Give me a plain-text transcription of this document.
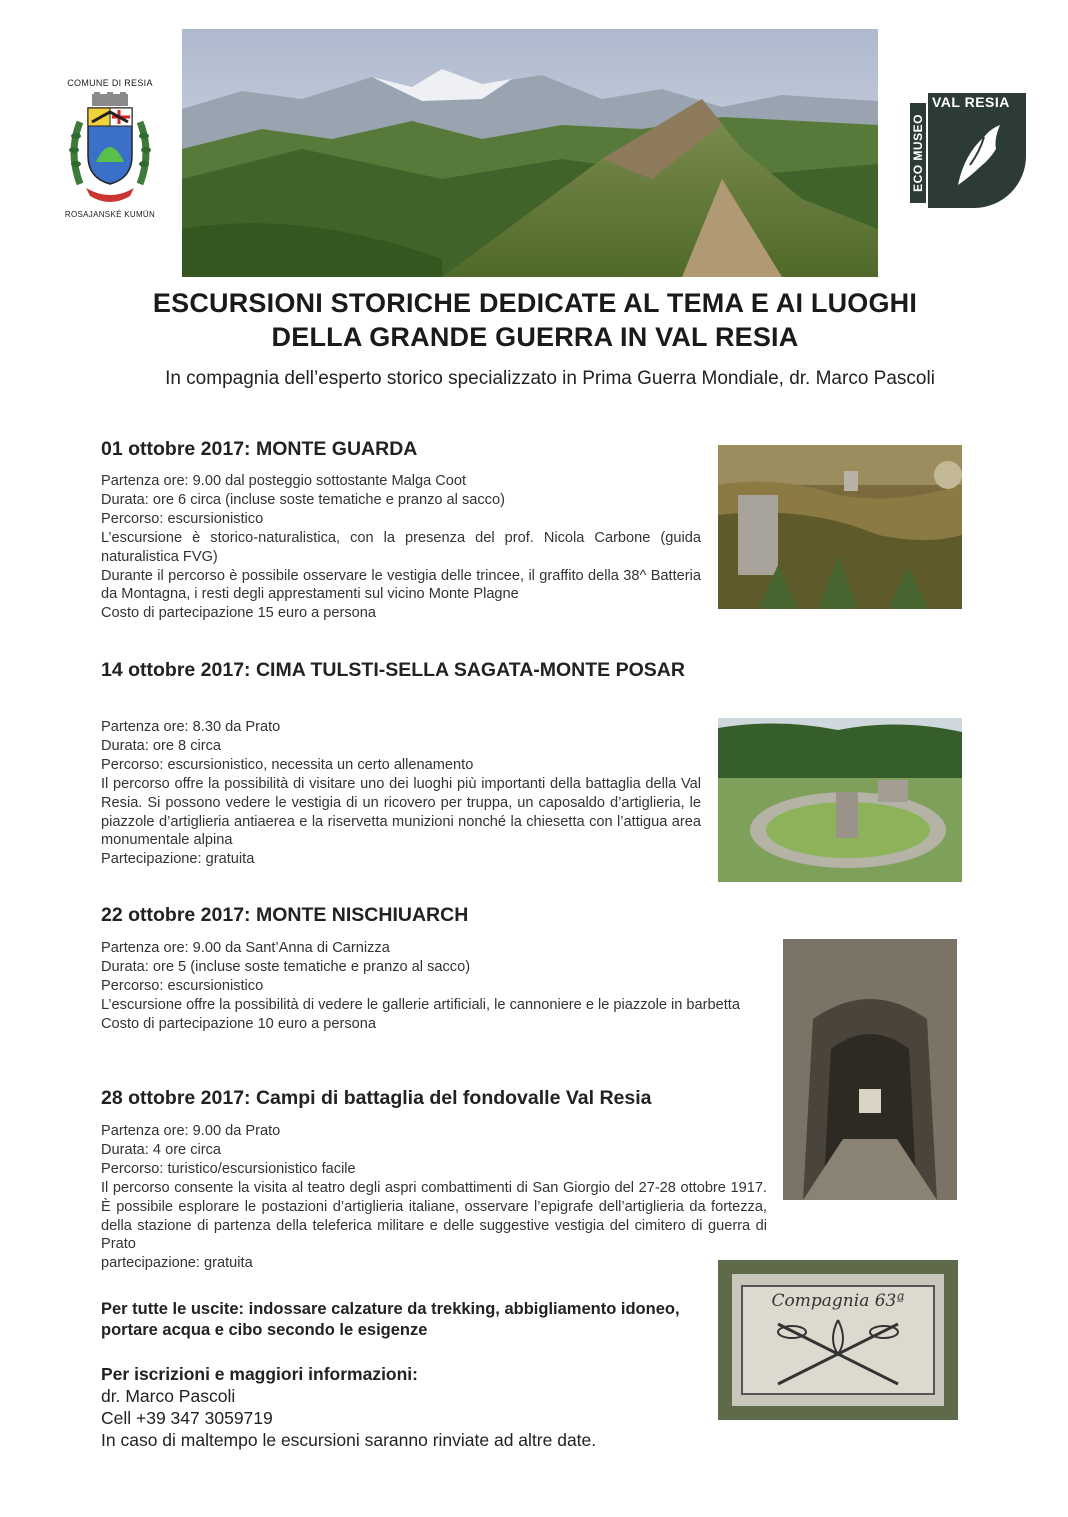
COMUNE DI RESIA
ROSAJANSKÉ KUMÜN
ECO MUSEO
VAL RESIA
ESCURSIONI STORICHE DEDICATE AL TEMA E AI LUOGHI
DELLA GRANDE GUERRA IN VAL RESIA
In compagnia dell’esperto storico specializzato in Prima Guerra Mondiale, dr. Marco Pascoli
01 ottobre 2017: MONTE GUARDA
Partenza ore: 9.00 dal posteggio sottostante Malga Coot
Durata: ore 6 circa (incluse soste tematiche e pranzo al sacco)
Percorso: escursionistico
L’escursione è storico-naturalistica, con la presenza del prof. Nicola Carbone (guida naturalistica FVG)
Durante il percorso è possibile osservare le vestigia delle trincee, il graffito della 38^ Batteria da Montagna, i resti degli apprestamenti sul vicino Monte Plagne
Costo di partecipazione 15 euro a persona
14 ottobre 2017: CIMA TULSTI-SELLA SAGATA-MONTE POSAR
Partenza ore: 8.30 da Prato
Durata: ore 8 circa
Percorso: escursionistico, necessita un certo allenamento
Il percorso offre la possibilità di visitare uno dei luoghi più importanti della battaglia della Val Resia. Si possono vedere le vestigia di un ricovero per truppa, un caposaldo d’artiglieria, le piazzole d’artiglieria antiaerea e la riservetta munizioni nonché la chiesetta con l’attigua area monumentale alpina
Partecipazione: gratuita
22 ottobre 2017: MONTE NISCHIUARCH
Partenza ore: 9.00 da Sant’Anna di Carnizza
Durata: ore 5 (incluse soste tematiche e pranzo al sacco)
Percorso: escursionistico
L’escursione offre la possibilità di vedere le gallerie artificiali, le cannoniere e le piazzole in barbetta
Costo di partecipazione 10 euro a persona
28 ottobre 2017: Campi di battaglia del fondovalle Val Resia
Partenza ore: 9.00 da Prato
Durata: 4 ore circa
Percorso: turistico/escursionistico facile
Il percorso consente la visita al teatro degli aspri combattimenti di San Giorgio del 27-28 ottobre 1917. È possibile esplorare le postazioni d’artiglieria italiane, osservare l’epigrafe dell’artiglieria da fortezza, della stazione di partenza della teleferica militare e delle suggestive vestigia del cimitero di guerra di Prato
partecipazione: gratuita
Compagnia 63ª
Per tutte le uscite: indossare calzature da trekking, abbigliamento idoneo, portare acqua e cibo secondo le esigenze
Per iscrizioni e maggiori informazioni:
dr. Marco Pascoli
Cell +39 347 3059719
In caso di maltempo le escursioni saranno rinviate ad altre date.
